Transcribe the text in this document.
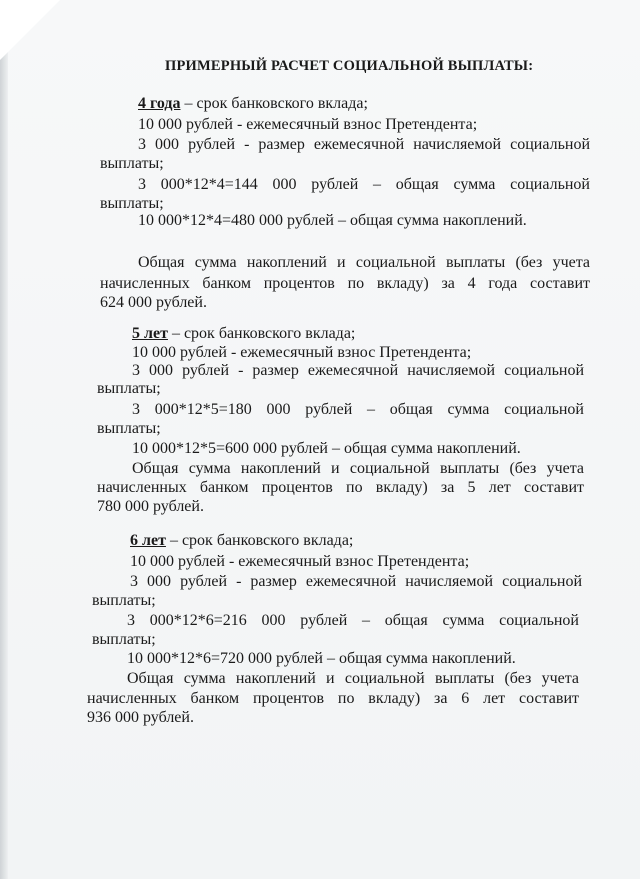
ПРИМЕРНЫЙ РАСЧЕТ СОЦИАЛЬНОЙ ВЫПЛАТЫ:
4 года – срок банковского вклада;
10 000 рублей - ежемесячный взнос Претендента;
3 000 рублей - размер ежемесячной начисляемой социальной
выплаты;
3 000*12*4=144 000 рублей – общая сумма социальной
выплаты;
10 000*12*4=480 000 рублей – общая сумма накоплений.
Общая сумма накоплений и социальной выплаты (без учета
начисленных банком процентов по вкладу) за 4 года составит
624 000 рублей.
5 лет – срок банковского вклада;
10 000 рублей - ежемесячный взнос Претендента;
3 000 рублей - размер ежемесячной начисляемой социальной
выплаты;
3 000*12*5=180 000 рублей – общая сумма социальной
выплаты;
10 000*12*5=600 000 рублей – общая сумма накоплений.
Общая сумма накоплений и социальной выплаты (без учета
начисленных банком процентов по вкладу) за 5 лет составит
780 000 рублей.
6 лет – срок банковского вклада;
10 000 рублей - ежемесячный взнос Претендента;
3 000 рублей - размер ежемесячной начисляемой социальной
выплаты;
3 000*12*6=216 000 рублей – общая сумма социальной
выплаты;
10 000*12*6=720 000 рублей – общая сумма накоплений.
Общая сумма накоплений и социальной выплаты (без учета
начисленных банком процентов по вкладу) за 6 лет составит
936 000 рублей.
